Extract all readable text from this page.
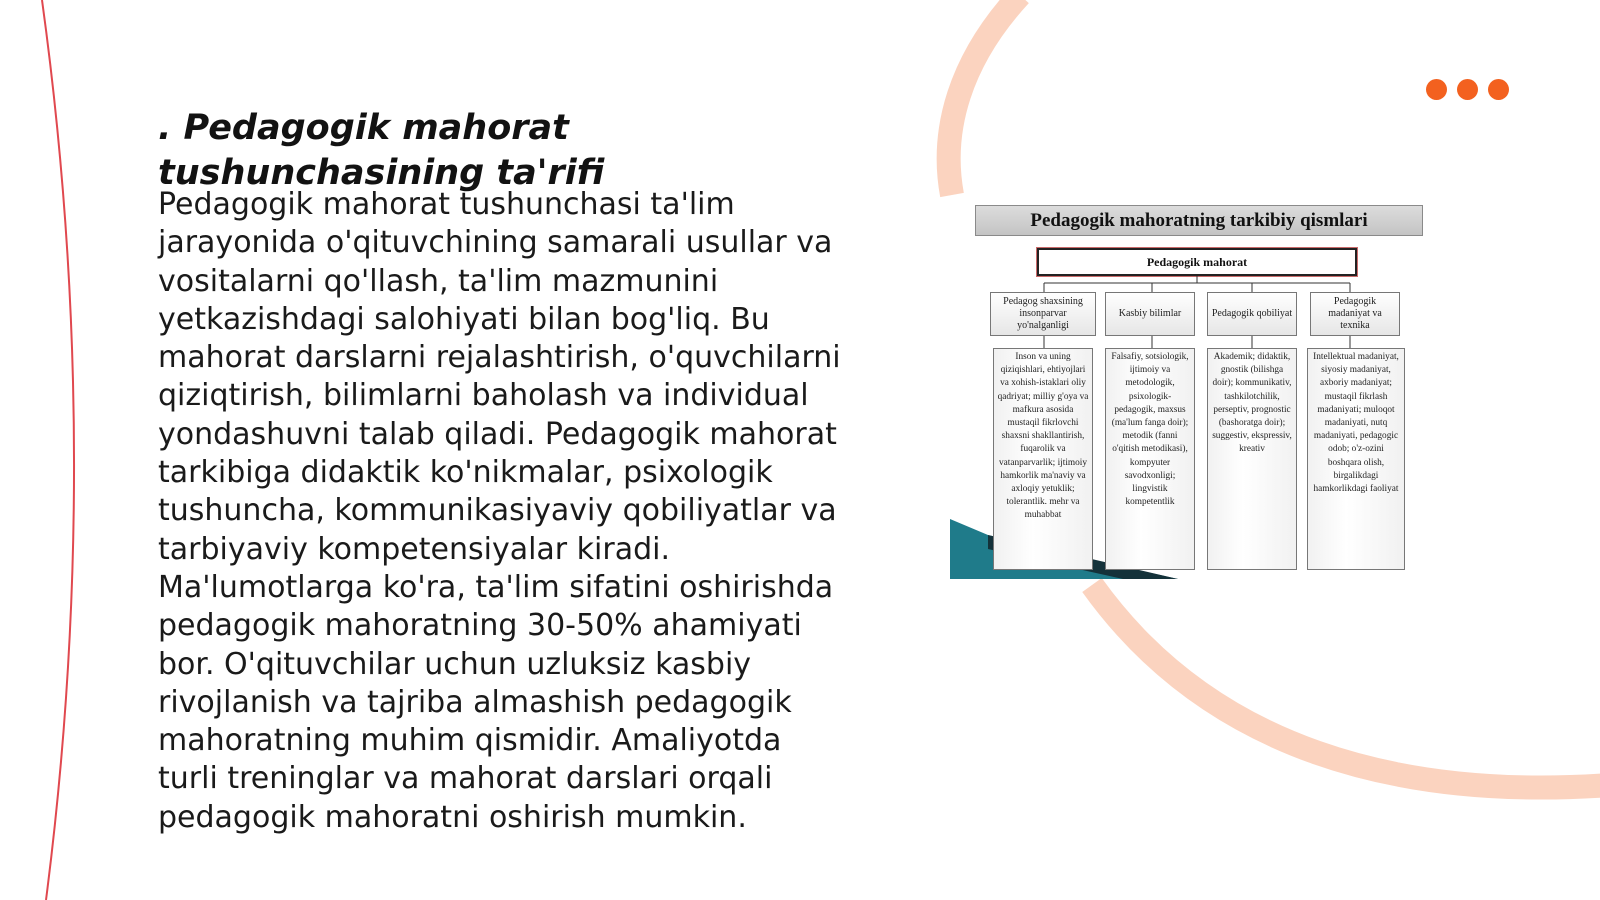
. Pedagogik mahorat tushunchasining ta'rifi

Pedagogik mahorat tushunchasi ta'lim jarayonida o'qituvchining samarali usullar va vositalarni qo'llash, ta'lim mazmunini yetkazishdagi salohiyati bilan bog'liq. Bu mahorat darslarni rejalashtirish, o'quvchilarni qiziqtirish, bilimlarni baholash va individual yondashuvni talab qiladi. Pedagogik mahorat tarkibiga didaktik ko'nikmalar, psixologik tushuncha, kommunikasiyaviy qobiliyatlar va tarbiyaviy kompetensiyalar kiradi. Ma'lumotlarga ko'ra, ta'lim sifatini oshirishda pedagogik mahoratning 30-50% ahamiyati bor. O'qituvchilar uchun uzluksiz kasbiy rivojlanish va tajriba almashish pedagogik mahoratning muhim qismidir. Amaliyotda turli treninglar va mahorat darslari orqali pedagogik mahoratni oshirish mumkin.

Pedagogik mahoratning tarkibiy qismlari
Pedagogik mahorat
Pedagog shaxsining insonparvar yo'nalganligi
Kasbiy bilimlar	Pedagogik qobiliyat
Pedagogik madaniyat va texnika
Inson va uning qiziqishlari, ehtiyojlari va xohish-istaklari oliy qadriyat; milliy g'oya va mafkura asosida mustaqil fikrlovchi shaxsni shakllantirish, fuqarolik va vatanparvarlik; ijtimoiy hamkorlik ma'naviy va axloqiy yetuklik; tolerantlik. mehr va muhabbat
Falsafiy, sotsiologik, ijtimoiy va metodologik, psixologik-pedagogik, maxsus (ma'lum fanga doir); metodik (fanni o'qitish metodikasi), kompyuter savodxonligi; lingvistik kompetentlik
Akademik; didaktik, gnostik (bilishga doir); kommunikativ, tashkilotchilik, perseptiv, prognostic (bashoratga doir); suggestiv, ekspressiv, kreativ
Intellektual madaniyat, siyosiy madaniyat, axboriy madaniyat; mustaqil fikrlash madaniyati; muloqot madaniyati, nutq madaniyati, pedagogic odob; o'z-ozini boshqara olish, birgalikdagi hamkorlikdagi faoliyat
